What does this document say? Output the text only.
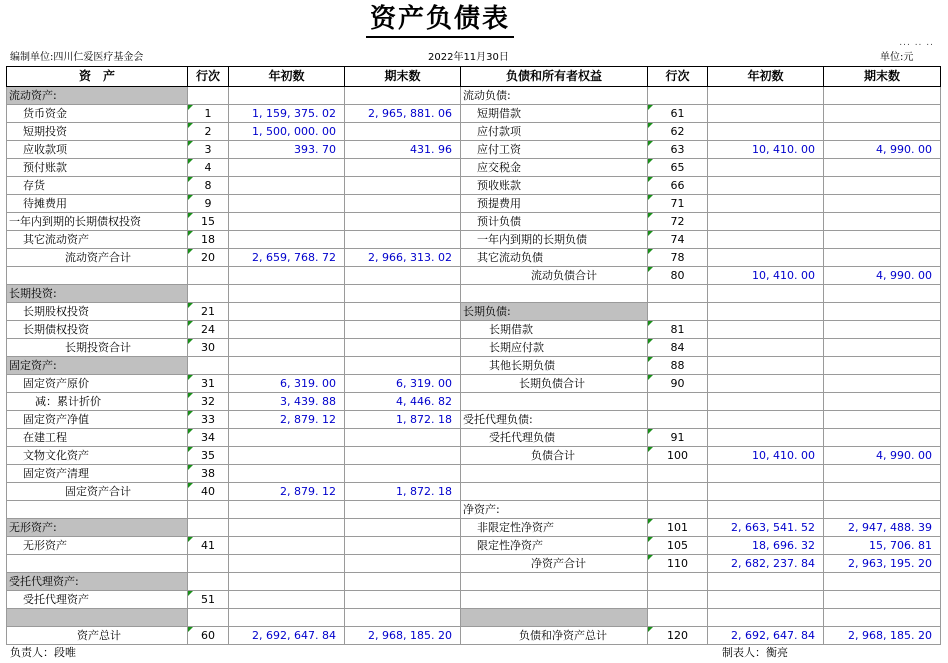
资产负债表
... .. ..
编制单位:四川仁爱医疗基金会	2022年11月30日	单位:元
资　产	行次	年初数	期末数	负债和所有者权益	行次	年初数	期末数
流动资产:				流动负债:			
货币资金	1	1, 159, 375. 02	2, 965, 881. 06	短期借款	61		
短期投资	2	1, 500, 000. 00		应付款项	62		
应收款项	3	393. 70	431. 96	应付工资	63	10, 410. 00	4, 990. 00
预付账款	4			应交税金	65		
存货	8			预收账款	66		
待摊费用	9			预提费用	71		
一年内到期的长期债权投资	15			预计负债	72		
其它流动资产	18			一年内到期的长期负债	74		
流动资产合计	20	2, 659, 768. 72	2, 966, 313. 02	其它流动负债	78		
				流动负债合计	80	10, 410. 00	4, 990. 00
长期投资:							
长期股权投资	21			长期负债:			
长期债权投资	24			长期借款	81		
长期投资合计	30			长期应付款	84		
固定资产:				其他长期负债	88		
固定资产原价	31	6, 319. 00	6, 319. 00	长期负债合计	90		
减：累计折价	32	3, 439. 88	4, 446. 82				
固定资产净值	33	2, 879. 12	1, 872. 18	受托代理负债:			
在建工程	34			受托代理负债	91		
文物文化资产	35			负债合计	100	10, 410. 00	4, 990. 00
固定资产清理	38						
固定资产合计	40	2, 879. 12	1, 872. 18				
				净资产:			
无形资产:				非限定性净资产	101	2, 663, 541. 52	2, 947, 488. 39
无形资产	41			限定性净资产	105	18, 696. 32	15, 706. 81
				净资产合计	110	2, 682, 237. 84	2, 963, 195. 20
受托代理资产:							
受托代理资产	51						

资产总计	60	2, 692, 647. 84	2, 968, 185. 20	负债和净资产总计	120	2, 692, 647. 84	2, 968, 185. 20
负责人：段唯	制表人：衡亮
